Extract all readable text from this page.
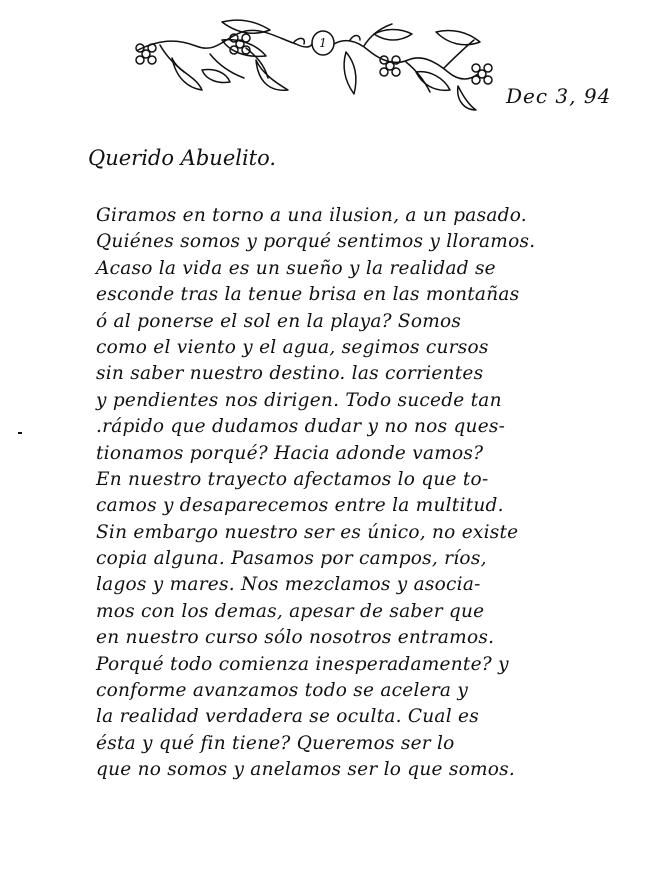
1
Dec 3, 94
Querido Abuelito.
Giramos en torno a una ilusion, a un pasado.
Quiénes somos y porqué sentimos y lloramos.
Acaso la vida es un sueño y la realidad se
esconde tras la tenue brisa en las montañas
ó al ponerse el sol en la playa? Somos
como el viento y el agua, segimos cursos
sin saber nuestro destino. las corrientes
y pendientes nos dirigen. Todo sucede tan
.rápido que dudamos dudar y no nos ques-
tionamos porqué? Hacia adonde vamos?
En nuestro trayecto afectamos lo que to-
camos y desaparecemos entre la multitud.
Sin embargo nuestro ser es único, no existe
copia alguna. Pasamos por campos, ríos,
lagos y mares. Nos mezclamos y asocia-
mos con los demas, apesar de saber que
en nuestro curso sólo nosotros entramos.
Porqué todo comienza inesperadamente? y
conforme avanzamos todo se acelera y
la realidad verdadera se oculta. Cual es
ésta y qué fin tiene? Queremos ser lo
que no somos y anelamos ser lo que somos.
